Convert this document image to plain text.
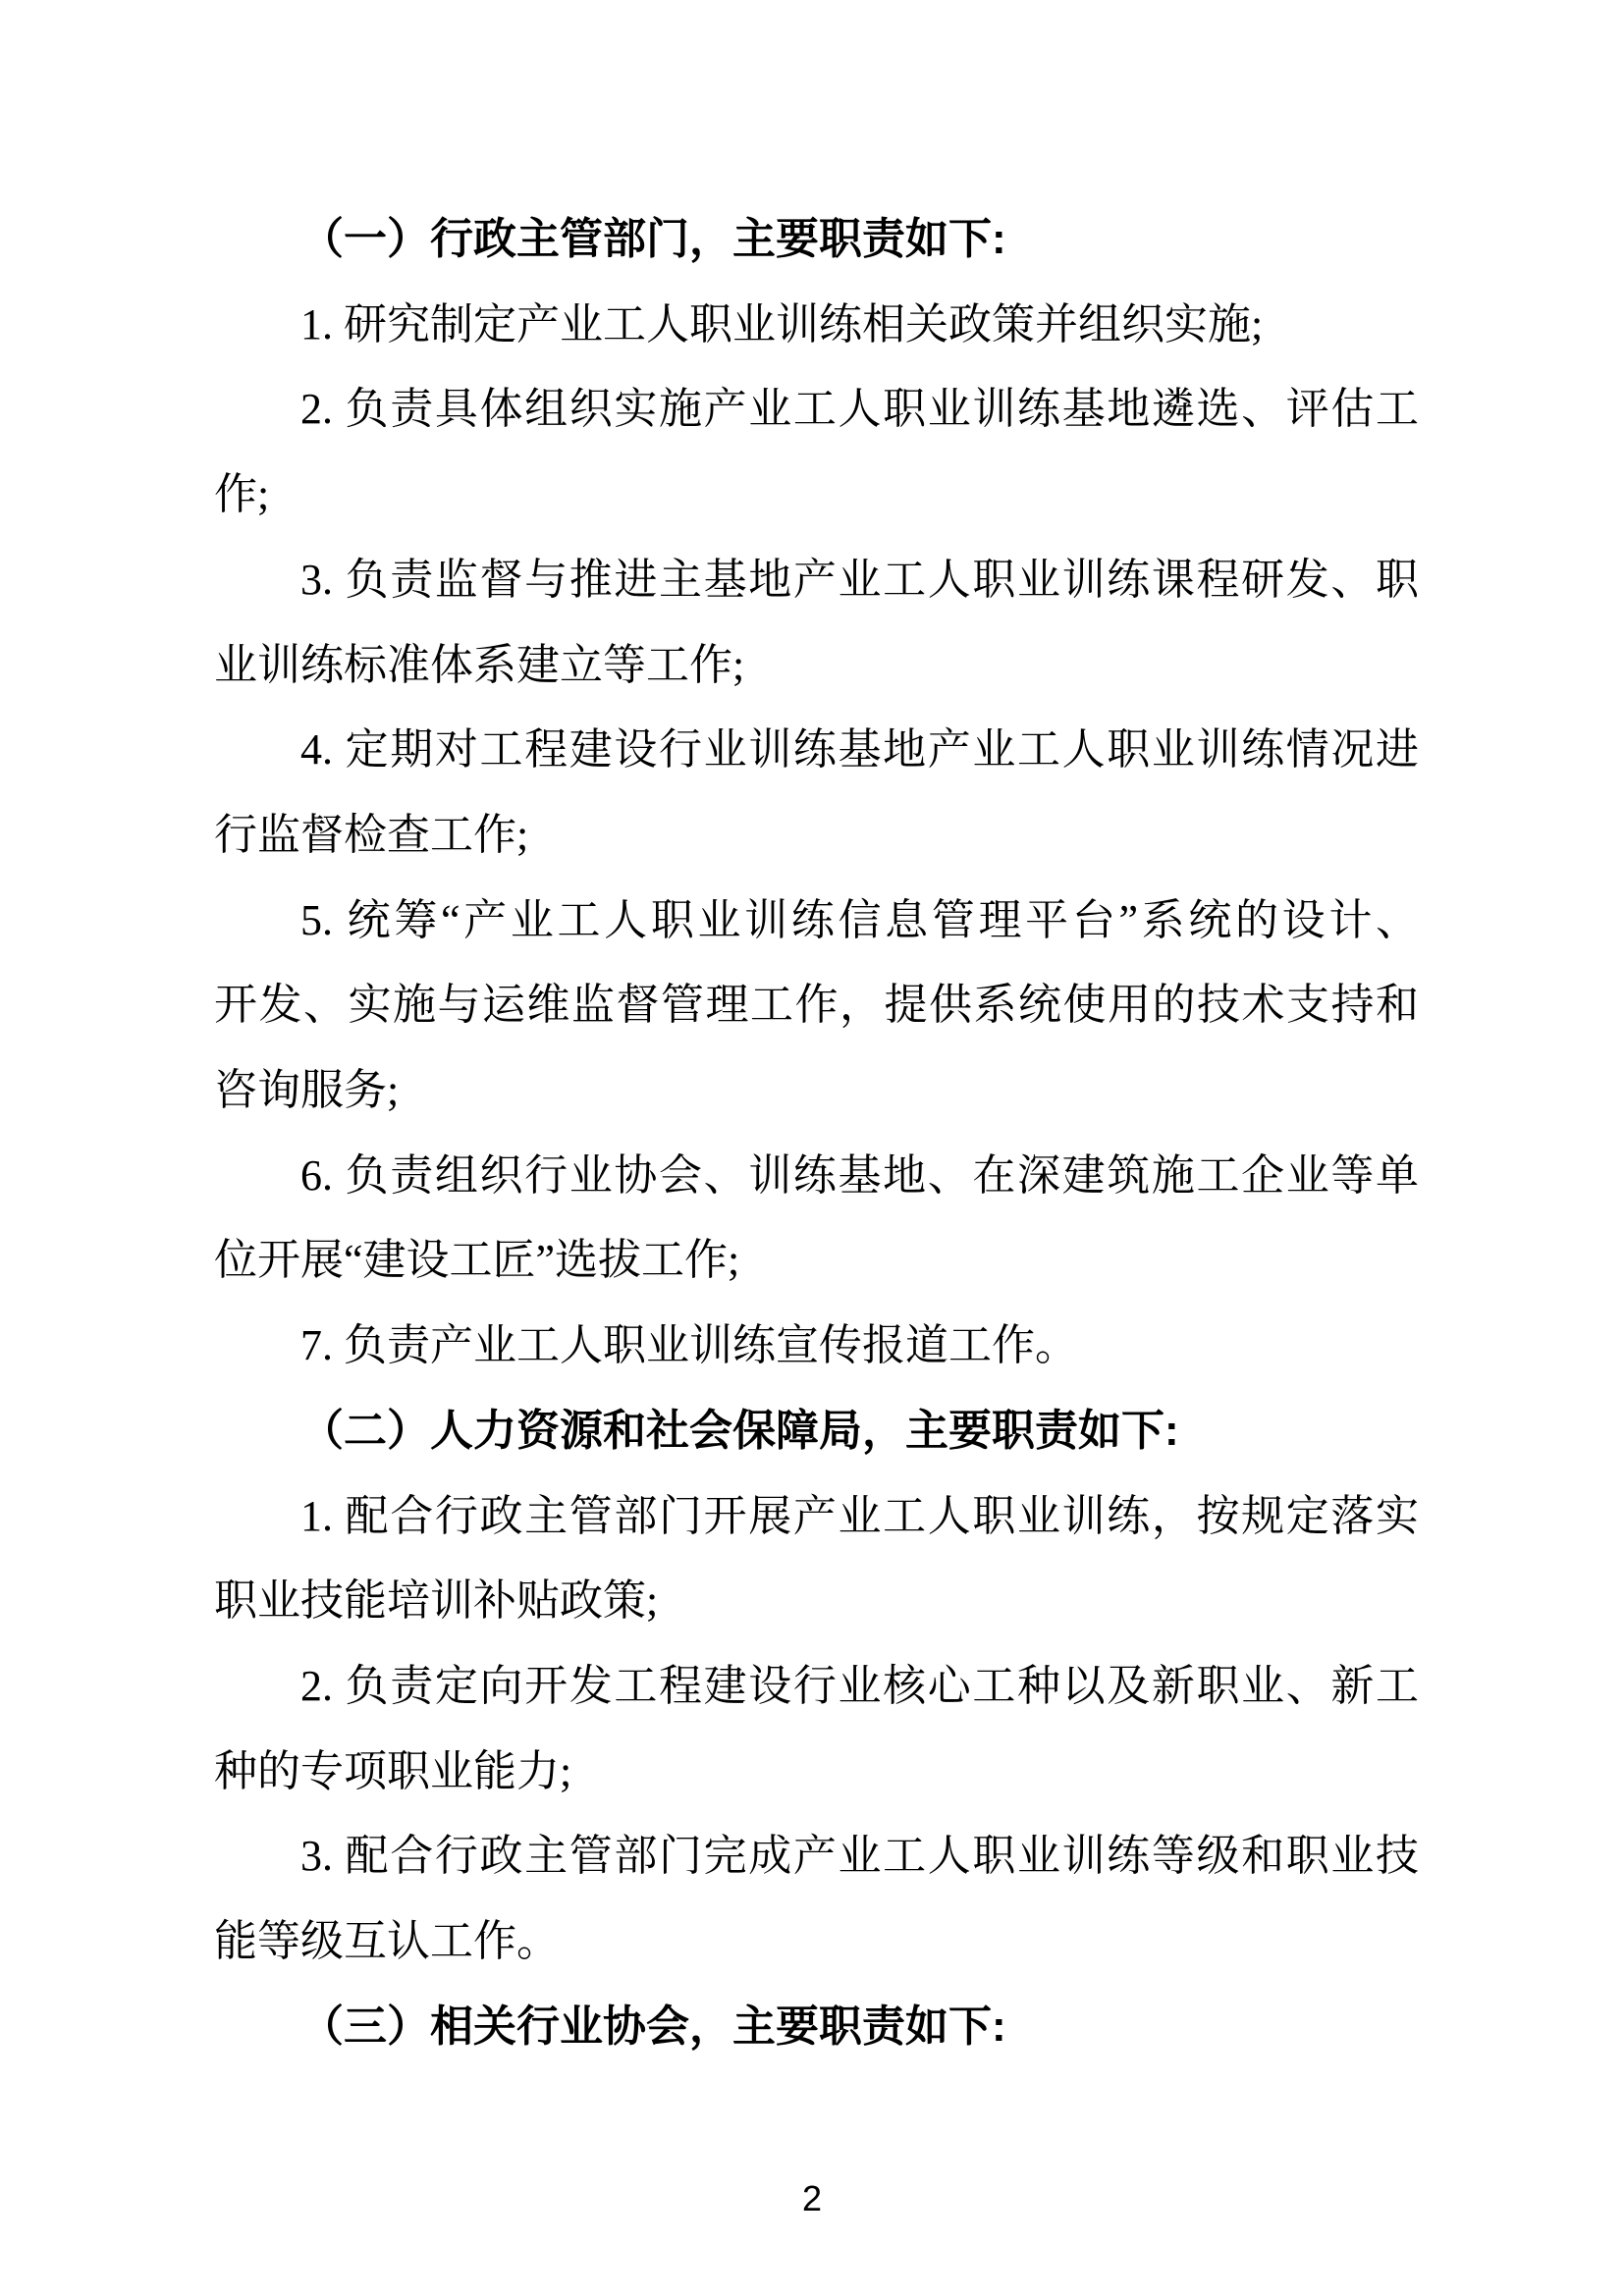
（一）行政主管部门，主要职责如下:
1. 研究制定产业工人职业训练相关政策并组织实施;
2. 负责具体组织实施产业工人职业训练基地遴选、评估工
作;
3. 负责监督与推进主基地产业工人职业训练课程研发、职
业训练标准体系建立等工作;
4. 定期对工程建设行业训练基地产业工人职业训练情况进
行监督检查工作;
5. 统筹“产业工人职业训练信息管理平台”系统的设计、
开发、实施与运维监督管理工作，提供系统使用的技术支持和
咨询服务;
6. 负责组织行业协会、训练基地、在深建筑施工企业等单
位开展“建设工匠”选拔工作;
7. 负责产业工人职业训练宣传报道工作。
（二）人力资源和社会保障局，主要职责如下:
1. 配合行政主管部门开展产业工人职业训练，按规定落实
职业技能培训补贴政策;
2. 负责定向开发工程建设行业核心工种以及新职业、新工
种的专项职业能力;
3. 配合行政主管部门完成产业工人职业训练等级和职业技
能等级互认工作。
（三）相关行业协会，主要职责如下:
2
